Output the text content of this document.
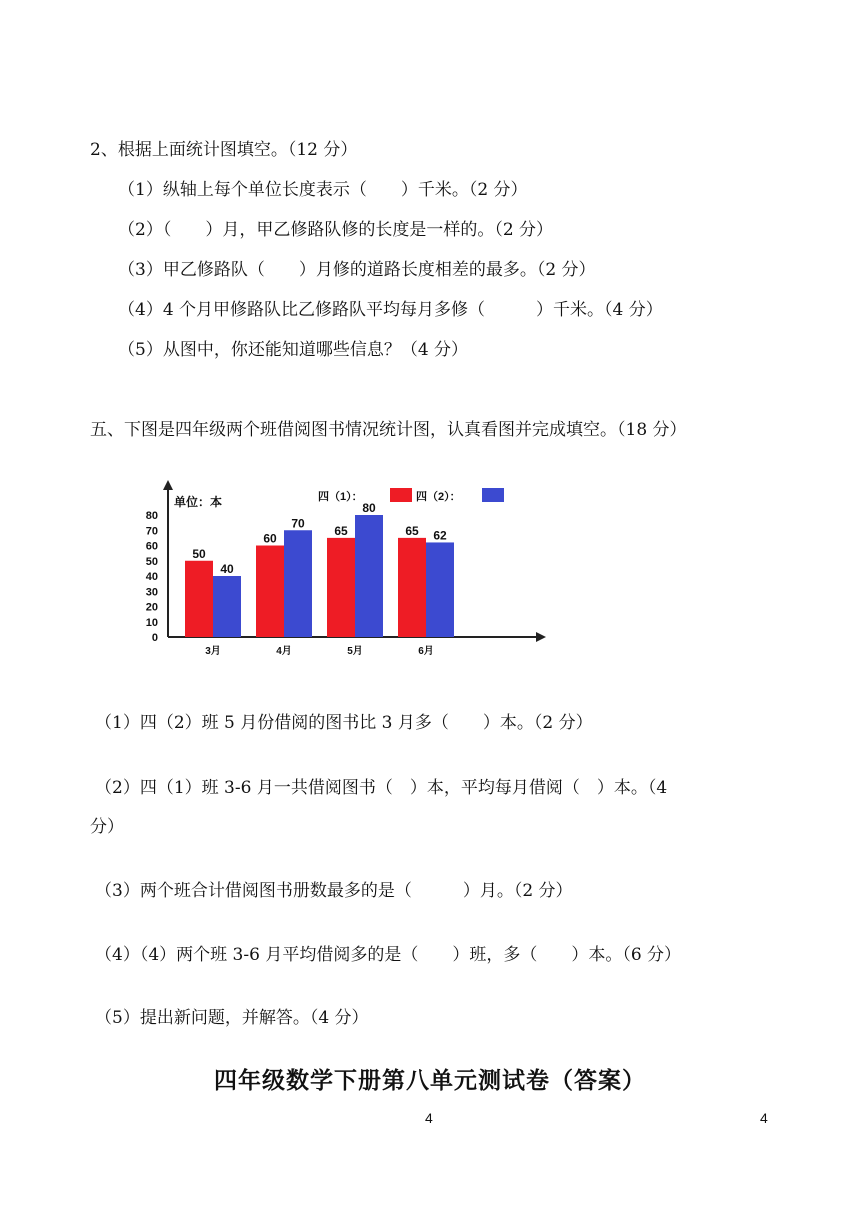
2、根据上面统计图填空。（12 分）
（1）纵轴上每个单位长度表示（　　）千米。（2 分）
（2）（　　）月，甲乙修路队修的长度是一样的。（2 分）
（3）甲乙修路队（　　）月修的道路长度相差的最多。（2 分）
（4）4 个月甲修路队比乙修路队平均每月多修（　　　）千米。（4 分）
（5）从图中，你还能知道哪些信息？（4 分）
五、下图是四年级两个班借阅图书情况统计图，认真看图并完成填空。（18 分）
单位：本
0
10
20
30
40
50
60
70
80
50
40
60
70
65
80
65 62
3月	4月	5月	6月
四（1）：	四（2）：
（1）四（2）班 5 月份借阅的图书比 3 月多（　　）本。（2 分）
（2）四（1）班 3-6 月一共借阅图书（　）本，平均每月借阅（　）本。（4
分）
（3）两个班合计借阅图书册数最多的是（　　　）月。（2 分）
（4）（4）两个班 3-6 月平均借阅多的是（　　）班，多（　　）本。（6 分）
（5）提出新问题，并解答。（4 分）
四年级数学下册第八单元测试卷（答案）
4	4
